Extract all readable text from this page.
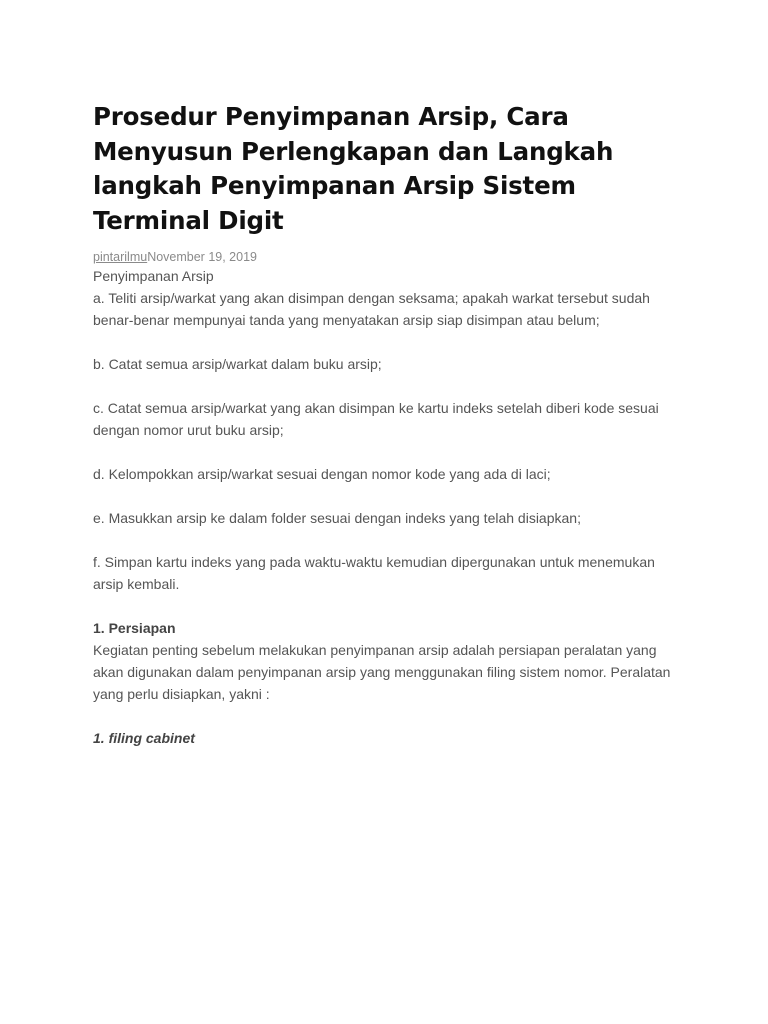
Prosedur Penyimpanan Arsip, Cara Menyusun Perlengkapan dan Langkah langkah Penyimpanan Arsip Sistem Terminal Digit
pintarilmuNovember 19, 2019

Penyimpanan Arsip

a. Teliti arsip/warkat yang akan disimpan dengan seksama; apakah warkat tersebut sudah benar-benar mempunyai tanda yang menyatakan arsip siap disimpan atau belum;

b. Catat semua arsip/warkat dalam buku arsip;

c. Catat semua arsip/warkat yang akan disimpan ke kartu indeks setelah diberi kode sesuai dengan nomor urut buku arsip;

d. Kelompokkan arsip/warkat sesuai dengan nomor kode yang ada di laci;

e. Masukkan arsip ke dalam folder sesuai dengan indeks yang telah disiapkan;

f. Simpan kartu indeks yang pada waktu-waktu kemudian dipergunakan untuk menemukan arsip kembali.

1. Persiapan

Kegiatan penting sebelum melakukan penyimpanan arsip adalah persiapan peralatan yang akan digunakan dalam penyimpanan arsip yang menggunakan filing sistem nomor. Peralatan yang perlu disiapkan, yakni :

1. filing cabinet
